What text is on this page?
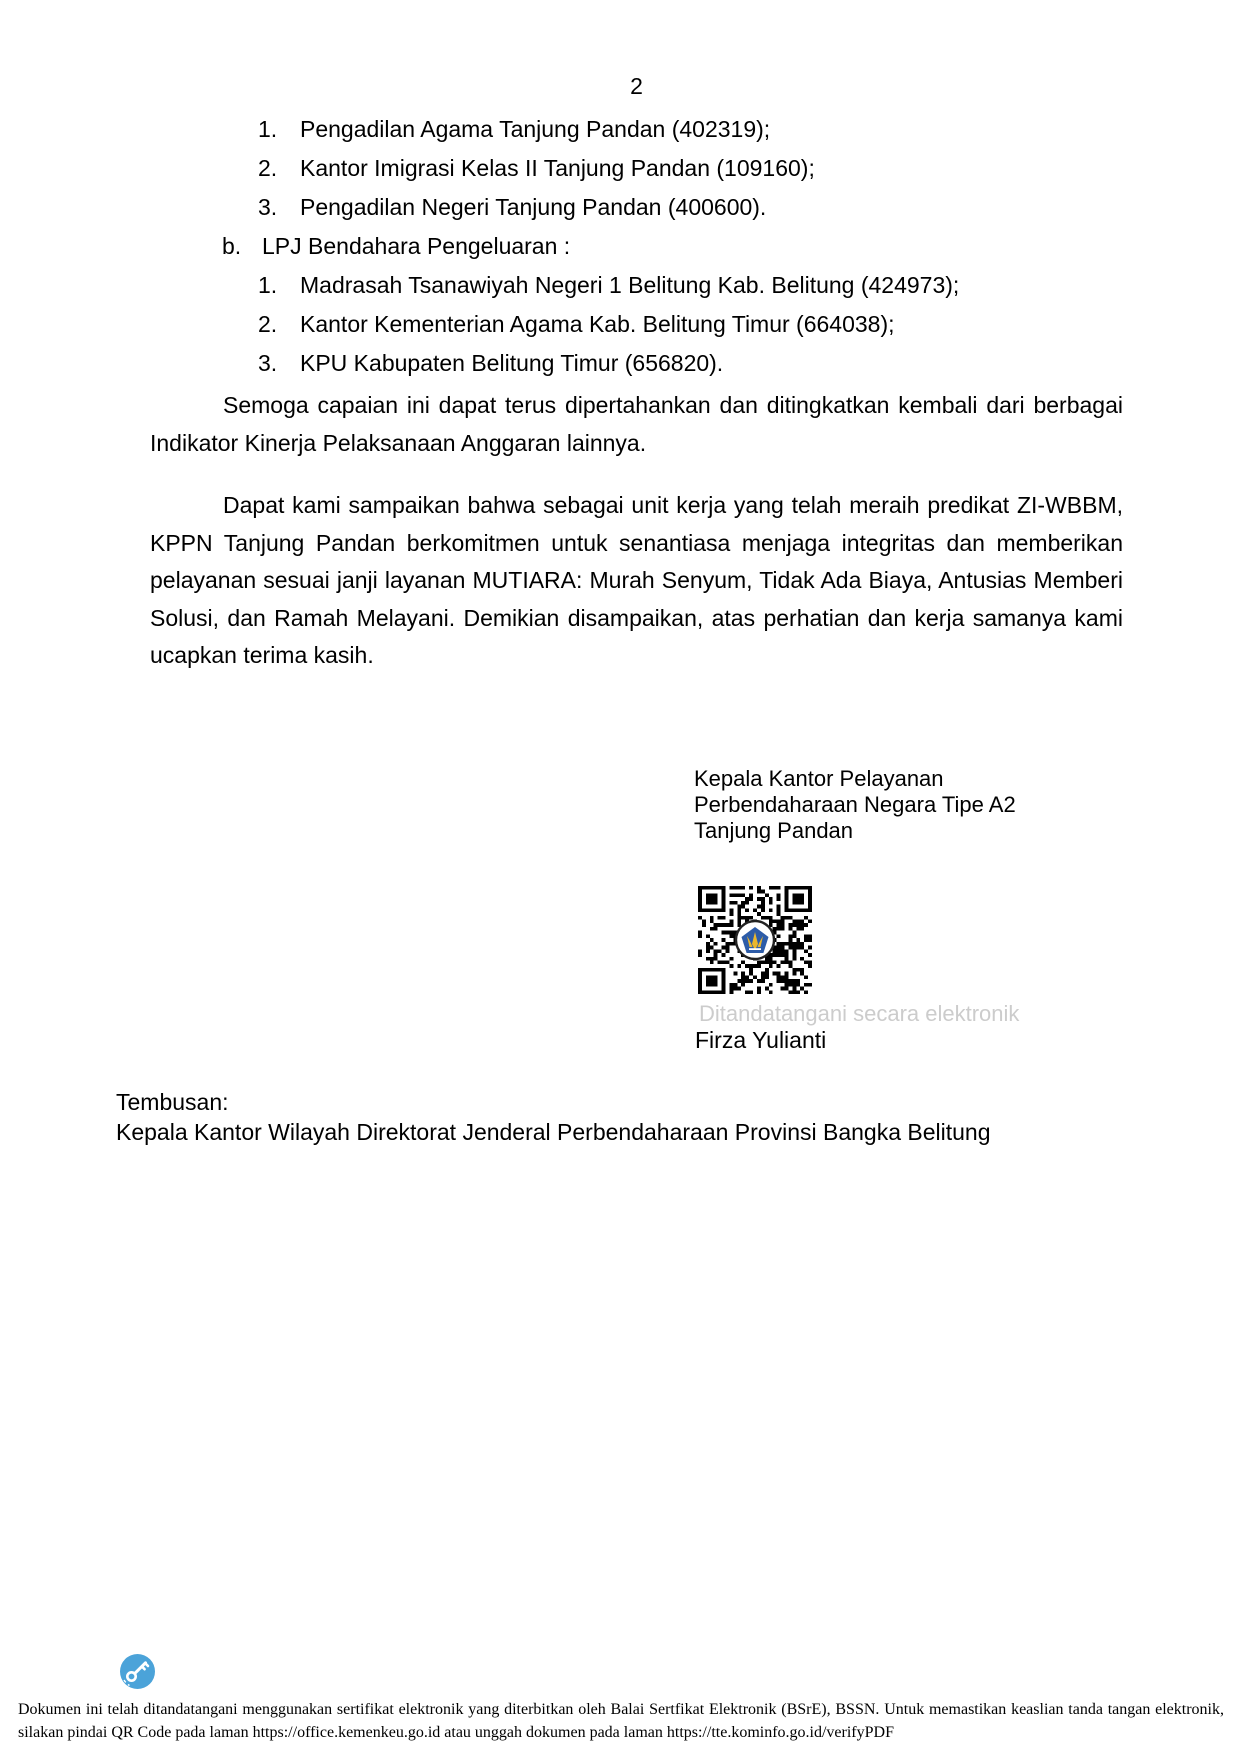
2
1. Pengadilan Agama Tanjung Pandan (402319);
2. Kantor Imigrasi Kelas II Tanjung Pandan (109160);
3. Pengadilan Negeri Tanjung Pandan (400600).
b. LPJ Bendahara Pengeluaran :
1. Madrasah Tsanawiyah Negeri 1 Belitung Kab. Belitung (424973);
2. Kantor Kementerian Agama Kab. Belitung Timur (664038);
3. KPU Kabupaten Belitung Timur (656820).
Semoga capaian ini dapat terus dipertahankan dan ditingkatkan kembali dari berbagai Indikator Kinerja Pelaksanaan Anggaran lainnya.
Dapat kami sampaikan bahwa sebagai unit kerja yang telah meraih predikat ZI-WBBM, KPPN Tanjung Pandan berkomitmen untuk senantiasa menjaga integritas dan memberikan pelayanan sesuai janji layanan MUTIARA: Murah Senyum, Tidak Ada Biaya, Antusias Memberi Solusi, dan Ramah Melayani. Demikian disampaikan, atas perhatian dan kerja samanya kami ucapkan terima kasih.
Kepala Kantor Pelayanan
Perbendaharaan Negara Tipe A2
Tanjung Pandan
Ditandatangani secara elektronik
Firza Yulianti
Tembusan:
Kepala Kantor Wilayah Direktorat Jenderal Perbendaharaan Provinsi Bangka Belitung
Dokumen ini telah ditandatangani menggunakan sertifikat elektronik yang diterbitkan oleh Balai Sertfikat Elektronik (BSrE), BSSN. Untuk memastikan keaslian tanda tangan elektronik, silakan pindai QR Code pada laman https://office.kemenkeu.go.id atau unggah dokumen pada laman https://tte.kominfo.go.id/verifyPDF
